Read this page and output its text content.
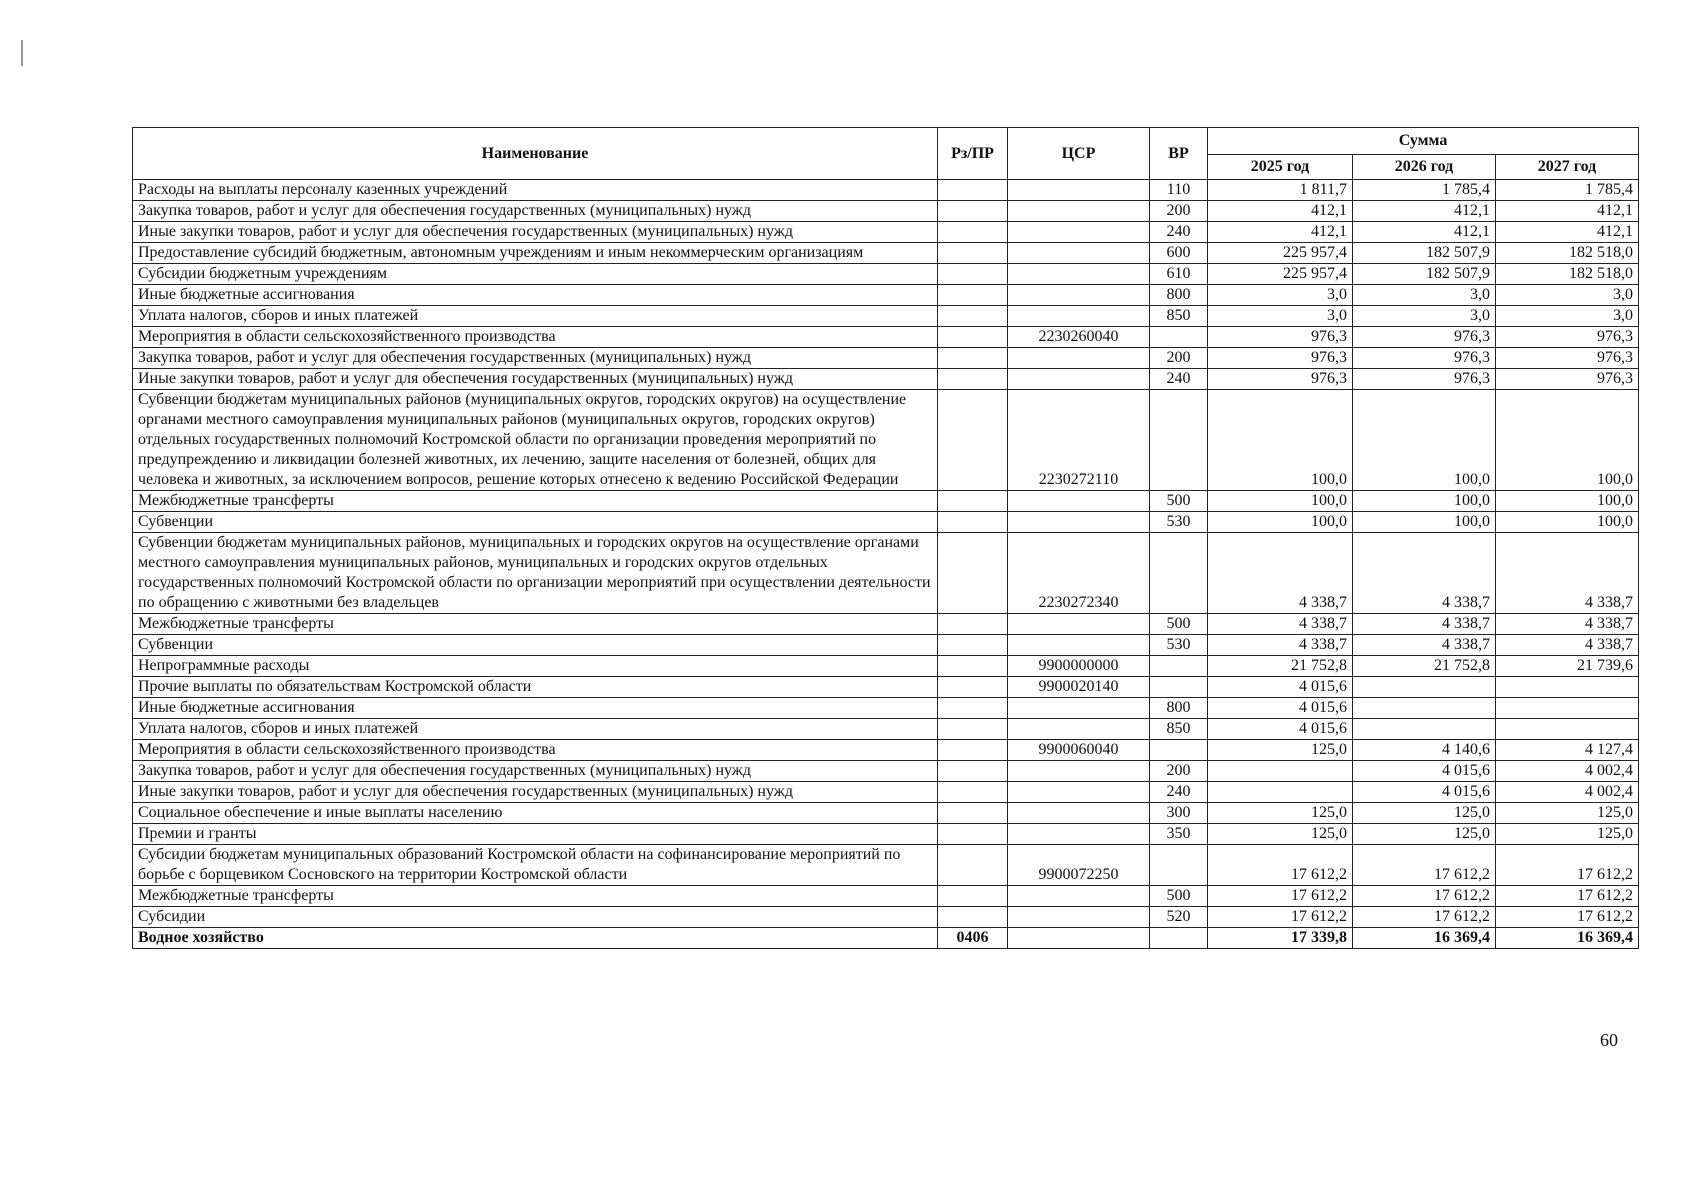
Наименование	Рз/ПР	ЦСР	ВР	Сумма		
				2025 год	2026 год	2027 год
Расходы на выплаты персоналу казенных учреждений			110	1 811,7	1 785,4	1 785,4
Закупка товаров, работ и услуг для обеспечения государственных (муниципальных) нужд			200	412,1	412,1	412,1
Иные закупки товаров, работ и услуг для обеспечения государственных (муниципальных) нужд			240	412,1	412,1	412,1
Предоставление субсидий бюджетным, автономным учреждениям и иным некоммерческим организациям			600	225 957,4	182 507,9	182 518,0
Субсидии бюджетным учреждениям			610	225 957,4	182 507,9	182 518,0
Иные бюджетные ассигнования			800	3,0	3,0	3,0
Уплата налогов, сборов и иных платежей			850	3,0	3,0	3,0
Мероприятия в области сельскохозяйственного производства		2230260040		976,3	976,3	976,3
Закупка товаров, работ и услуг для обеспечения государственных (муниципальных) нужд			200	976,3	976,3	976,3
Иные закупки товаров, работ и услуг для обеспечения государственных (муниципальных) нужд			240	976,3	976,3	976,3
Субвенции бюджетам муниципальных районов (муниципальных округов, городских округов) на осуществление органами местного самоуправления муниципальных районов (муниципальных округов, городских округов) отдельных государственных полномочий Костромской области по организации проведения мероприятий по предупреждению и ликвидации болезней животных, их лечению, защите населения от болезней, общих для человека и животных, за исключением вопросов, решение которых отнесено к ведению Российской Федерации		2230272110		100,0	100,0	100,0
Межбюджетные трансферты			500	100,0	100,0	100,0
Субвенции			530	100,0	100,0	100,0
Субвенции бюджетам муниципальных районов, муниципальных и городских округов на осуществление органами местного самоуправления муниципальных районов, муниципальных и городских округов отдельных государственных полномочий Костромской области по организации мероприятий при осуществлении деятельности по обращению с животными без владельцев		2230272340		4 338,7	4 338,7	4 338,7
Межбюджетные трансферты			500	4 338,7	4 338,7	4 338,7
Субвенции			530	4 338,7	4 338,7	4 338,7
Непрограммные расходы		9900000000		21 752,8	21 752,8	21 739,6
Прочие выплаты по обязательствам Костромской области		9900020140		4 015,6		
Иные бюджетные ассигнования			800	4 015,6		
Уплата налогов, сборов и иных платежей			850	4 015,6		
Мероприятия в области сельскохозяйственного производства		9900060040		125,0	4 140,6	4 127,4
Закупка товаров, работ и услуг для обеспечения государственных (муниципальных) нужд			200		4 015,6	4 002,4
Иные закупки товаров, работ и услуг для обеспечения государственных (муниципальных) нужд			240		4 015,6	4 002,4
Социальное обеспечение и иные выплаты населению			300	125,0	125,0	125,0
Премии и гранты			350	125,0	125,0	125,0
Субсидии бюджетам муниципальных образований Костромской области на софинансирование мероприятий по борьбе с борщевиком Сосновского на территории Костромской области		9900072250		17 612,2	17 612,2	17 612,2
Межбюджетные трансферты			500	17 612,2	17 612,2	17 612,2
Субсидии			520	17 612,2	17 612,2	17 612,2
Водное хозяйство	0406			17 339,8	16 369,4	16 369,4
60
